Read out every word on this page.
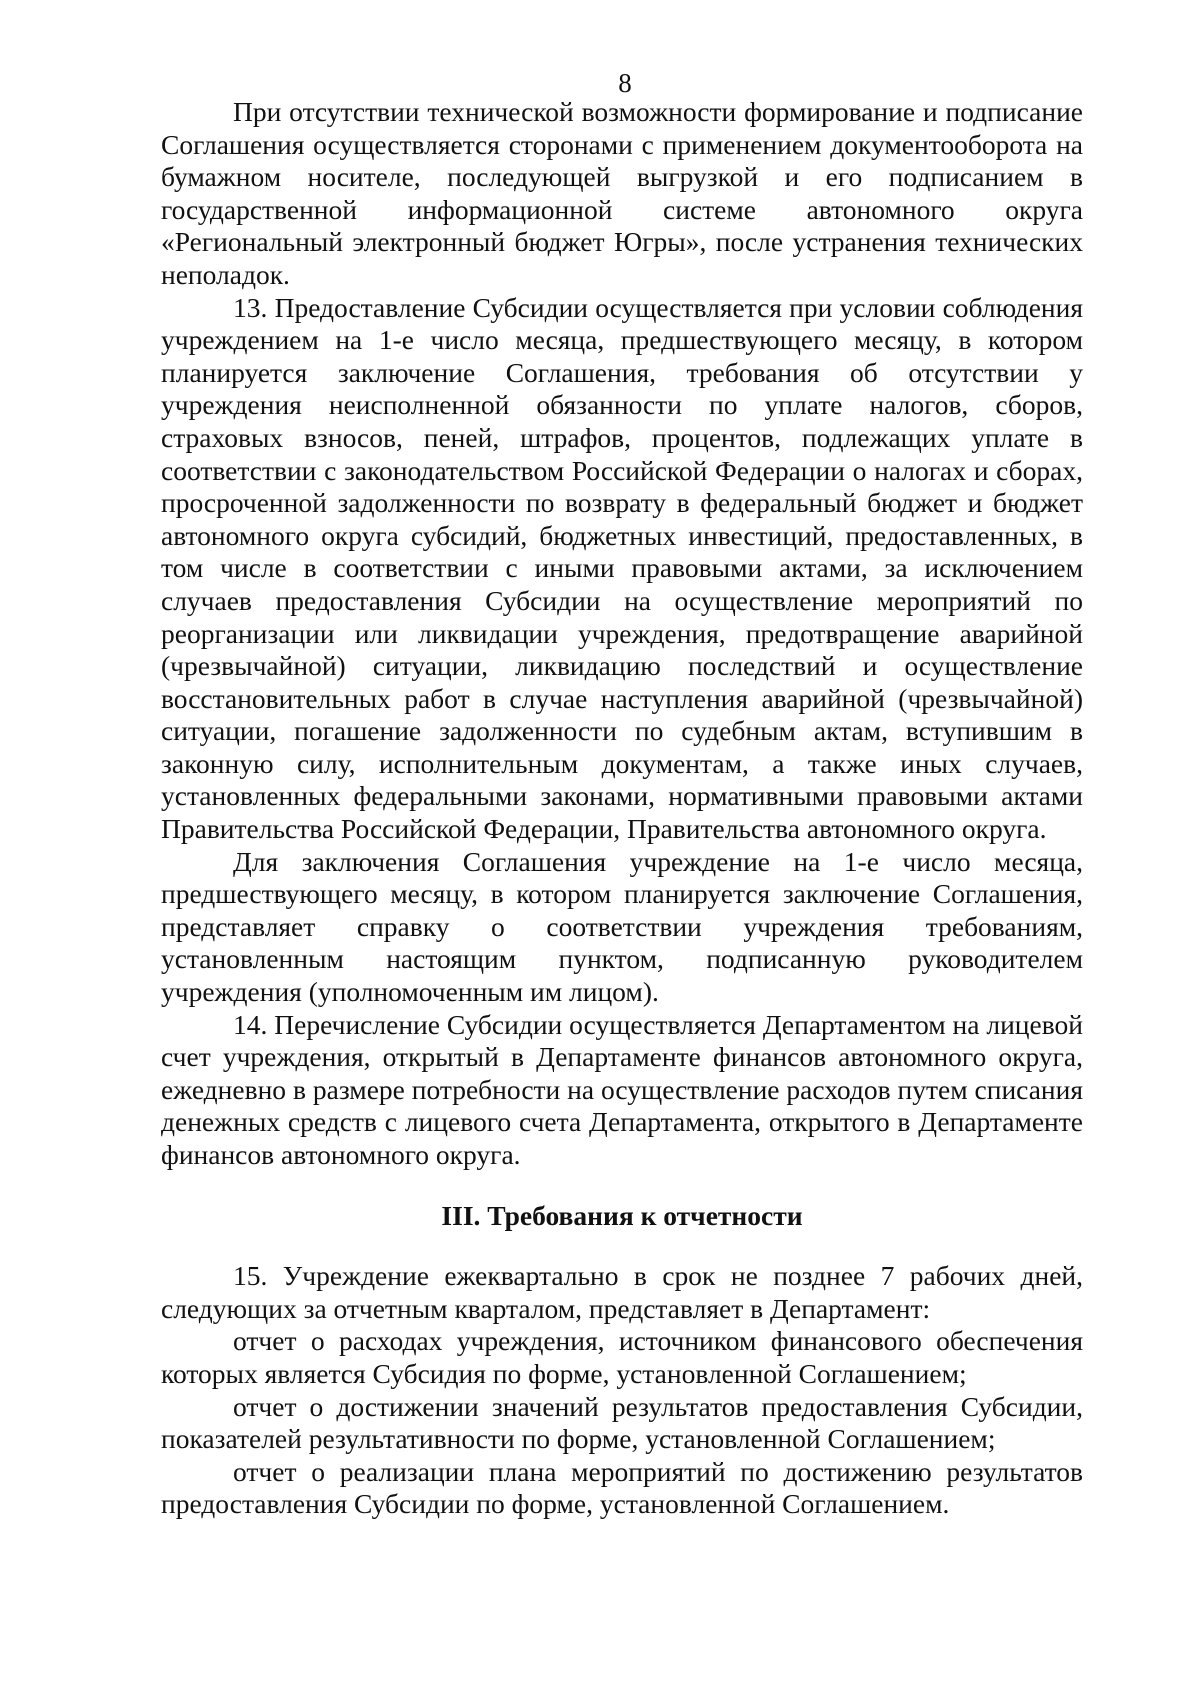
8

При отсутствии технической возможности формирование и подписание Соглашения осуществляется сторонами с применением документооборота на бумажном носителе, последующей выгрузкой и его подписанием в государственной информационной системе автономного округа «Региональный электронный бюджет Югры», после устранения технических неполадок.

13. Предоставление Субсидии осуществляется при условии соблюдения учреждением на 1-е число месяца, предшествующего месяцу, в котором планируется заключение Соглашения, требования об отсутствии у учреждения неисполненной обязанности по уплате налогов, сборов, страховых взносов, пеней, штрафов, процентов, подлежащих уплате в соответствии с законодательством Российской Федерации о налогах и сборах, просроченной задолженности по возврату в федеральный бюджет и бюджет автономного округа субсидий, бюджетных инвестиций, предоставленных, в том числе в соответствии с иными правовыми актами, за исключением случаев предоставления Субсидии на осуществление мероприятий по реорганизации или ликвидации учреждения, предотвращение аварийной (чрезвычайной) ситуации, ликвидацию последствий и осуществление восстановительных работ в случае наступления аварийной (чрезвычайной) ситуации, погашение задолженности по судебным актам, вступившим в законную силу, исполнительным документам, а также иных случаев, установленных федеральными законами, нормативными правовыми актами Правительства Российской Федерации, Правительства автономного округа.

Для заключения Соглашения учреждение на 1-е число месяца, предшествующего месяцу, в котором планируется заключение Соглашения, представляет справку о соответствии учреждения требованиям, установленным настоящим пунктом, подписанную руководителем учреждения (уполномоченным им лицом).

14. Перечисление Субсидии осуществляется Департаментом на лицевой счет учреждения, открытый в Департаменте финансов автономного округа, ежедневно в размере потребности на осуществление расходов путем списания денежных средств с лицевого счета Департамента, открытого в Департаменте финансов автономного округа.

III. Требования к отчетности

15. Учреждение ежеквартально в срок не позднее 7 рабочих дней, следующих за отчетным кварталом, представляет в Департамент:

отчет о расходах учреждения, источником финансового обеспечения которых является Субсидия по форме, установленной Соглашением;

отчет о достижении значений результатов предоставления Субсидии, показателей результативности по форме, установленной Соглашением;

отчет о реализации плана мероприятий по достижению результатов предоставления Субсидии по форме, установленной Соглашением.
